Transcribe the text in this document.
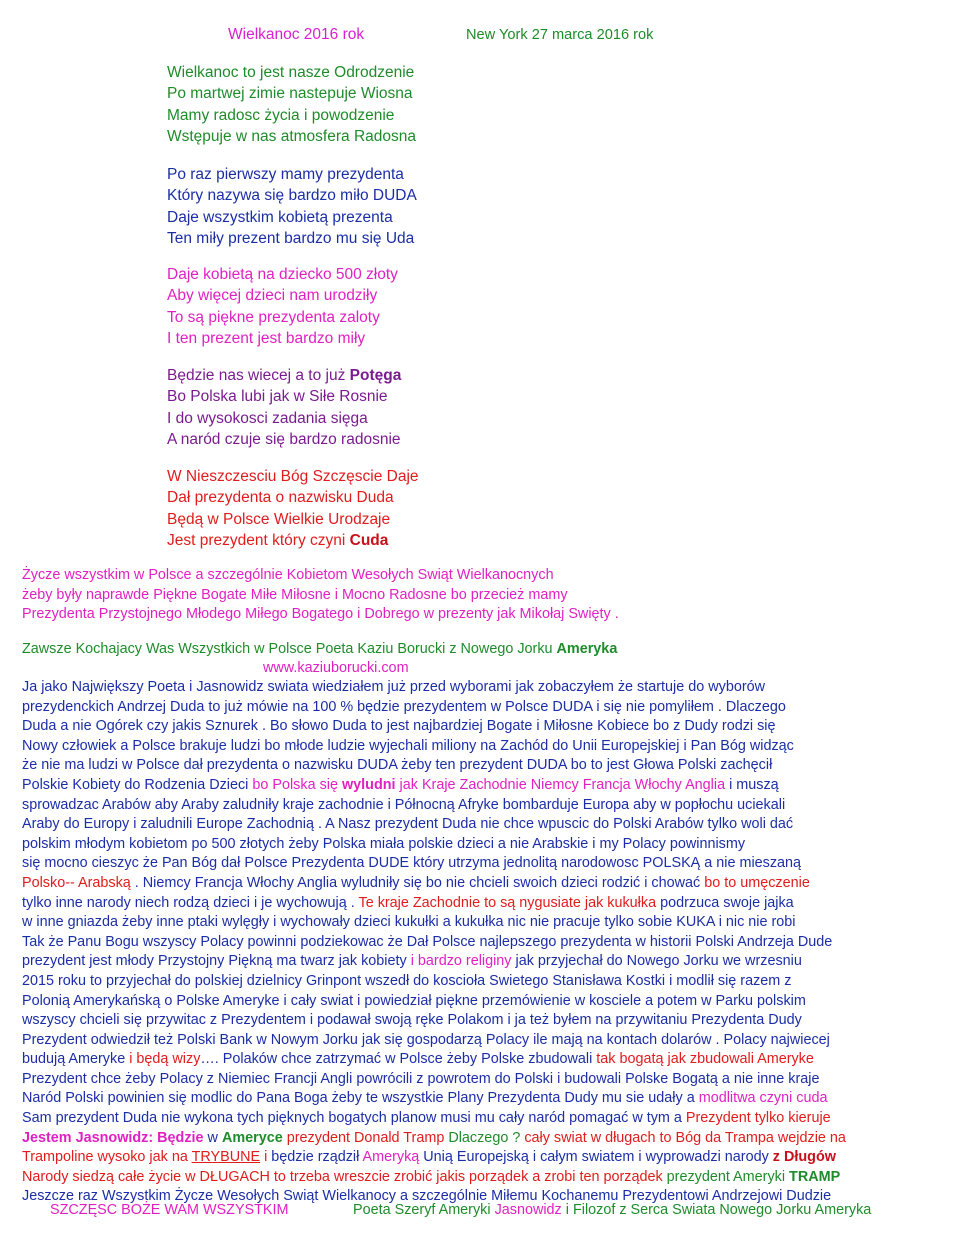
Wielkanoc 2016 rok	New York 27 marca 2016 rok
Wielkanoc to jest nasze Odrodzenie
Po martwej zimie nastepuje Wiosna
Mamy radosc życia i powodzenie
Wstępuje w nas atmosfera Radosna
Po raz pierwszy mamy prezydenta
Który nazywa się bardzo miło DUDA
Daje wszystkim kobietą prezenta
Ten miły prezent bardzo mu się Uda
Daje kobietą na dziecko 500 złoty
Aby więcej dzieci nam urodziły
To są piękne prezydenta zaloty
I ten prezent jest bardzo miły
Będzie nas wiecej a to już Potęga
Bo Polska lubi jak w Siłe Rosnie
I do wysokosci zadania sięga
A naród czuje się bardzo radosnie
W Nieszczesciu Bóg Szczęscie Daje
Dał prezydenta o nazwisku Duda
Będą w Polsce Wielkie Urodzaje
Jest prezydent który czyni Cuda
Życze wszystkim w Polsce a szczególnie Kobietom Wesołych Swiąt Wielkanocnych
żeby były naprawde Piękne Bogate Miłe Miłosne i Mocno Radosne bo przecież mamy
Prezydenta Przystojnego Młodego Miłego Bogatego i Dobrego w prezenty jak Mikołaj Swięty .
Zawsze Kochajacy Was Wszystkich w Polsce Poeta Kaziu Borucki z Nowego Jorku Ameryka
www.kaziuborucki.com
Ja jako Największy Poeta i Jasnowidz swiata wiedziałem już przed wyborami jak zobaczyłem że startuje do wyborów
prezydenckich Andrzej Duda to już mówie na 100 % będzie prezydentem w Polsce DUDA i się nie pomyliłem . Dlaczego
Duda a nie Ogórek czy jakis Sznurek . Bo słowo Duda to jest najbardziej Bogate i Miłosne Kobiece bo z Dudy rodzi się
Nowy człowiek a Polsce brakuje ludzi bo młode ludzie wyjechali miliony na Zachód do Unii Europejskiej i Pan Bóg widząc
że nie ma ludzi w Polsce dał prezydenta o nazwisku DUDA żeby ten prezydent DUDA bo to jest Głowa Polski zachęcił
Polskie Kobiety do Rodzenia Dzieci bo Polska się wyludni jak Kraje Zachodnie Niemcy Francja Włochy Anglia i muszą
sprowadzac Arabów aby Araby zaludniły kraje zachodnie i Północną Afryke bombarduje Europa aby w popłochu uciekali
Araby do Europy i zaludnili Europe Zachodnią . A Nasz prezydent Duda nie chce wpuscic do Polski Arabów tylko woli dać
polskim młodym kobietom po 500 złotych żeby Polska miała polskie dzieci a nie Arabskie i my Polacy powinnismy
się mocno cieszyc że Pan Bóg dał Polsce Prezydenta DUDE który utrzyma jednolitą narodowosc POLSKĄ a nie mieszaną
Polsko-- Arabską . Niemcy Francja Włochy Anglia wyludniły się bo nie chcieli swoich dzieci rodzić i chować bo to umęczenie
tylko inne narody niech rodzą dzieci i je wychowują . Te kraje Zachodnie to są nygusiate jak kukułka podrzuca swoje jajka
w inne gniazda żeby inne ptaki wylęgły i wychowały dzieci kukułki a kukułka nic nie pracuje tylko sobie KUKA i nic nie robi
Tak że Panu Bogu wszyscy Polacy powinni podziekowac że Dał Polsce najlepszego prezydenta w historii Polski Andrzeja Dude
prezydent jest młody Przystojny Piękną ma twarz jak kobiety i bardzo religiny jak przyjechał do Nowego Jorku we wrzesniu
2015 roku to przyjechał do polskiej dzielnicy Grinpont wszedł do koscioła Swietego Stanisława Kostki i modlił się razem z
Polonią Amerykańską o Polske Ameryke i cały swiat i powiedział piękne przemówienie w kosciele a potem w Parku polskim
wszyscy chcieli się przywitac z Prezydentem i podawał swoją ręke Polakom i ja też byłem na przywitaniu Prezydenta Dudy
Prezydent odwiedził też Polski Bank w Nowym Jorku jak się gospodarzą Polacy ile mają na kontach dolarów . Polacy najwiecej
budują Ameryke i będą wizy…. Polaków chce zatrzymać w Polsce żeby Polske zbudowali tak bogatą jak zbudowali Ameryke
Prezydent chce żeby Polacy z Niemiec Francji Angli powrócili z powrotem do Polski i budowali Polske Bogatą a nie inne kraje
Naród Polski powinien się modlic do Pana Boga żeby te wszystkie Plany Prezydenta Dudy mu sie udały a modlitwa czyni cuda
Sam prezydent Duda nie wykona tych pięknych bogatych planow musi mu cały naród pomagać w tym a Prezydent tylko kieruje
Jestem Jasnowidz: Będzie w Ameryce prezydent Donald Tramp Dlaczego ? cały swiat w długach to Bóg da Trampa wejdzie na
Trampoline wysoko jak na TRYBUNE i będzie rządził Ameryką Unią Europejską i całym swiatem i wyprowadzi narody z Długów
Narody siedzą całe życie w DŁUGACH to trzeba wreszcie zrobić jakis porządek a zrobi ten porządek prezydent Ameryki TRAMP
Jeszcze raz Wszystkim Życze Wesołych Swiąt Wielkanocy a szczególnie Miłemu Kochanemu Prezydentowi Andrzejowi Dudzie
SZCZĘSC BOŻE WAM WSZYSTKIM	Poeta Szeryf Ameryki Jasnowidz i Filozof z Serca Swiata Nowego Jorku Ameryka
